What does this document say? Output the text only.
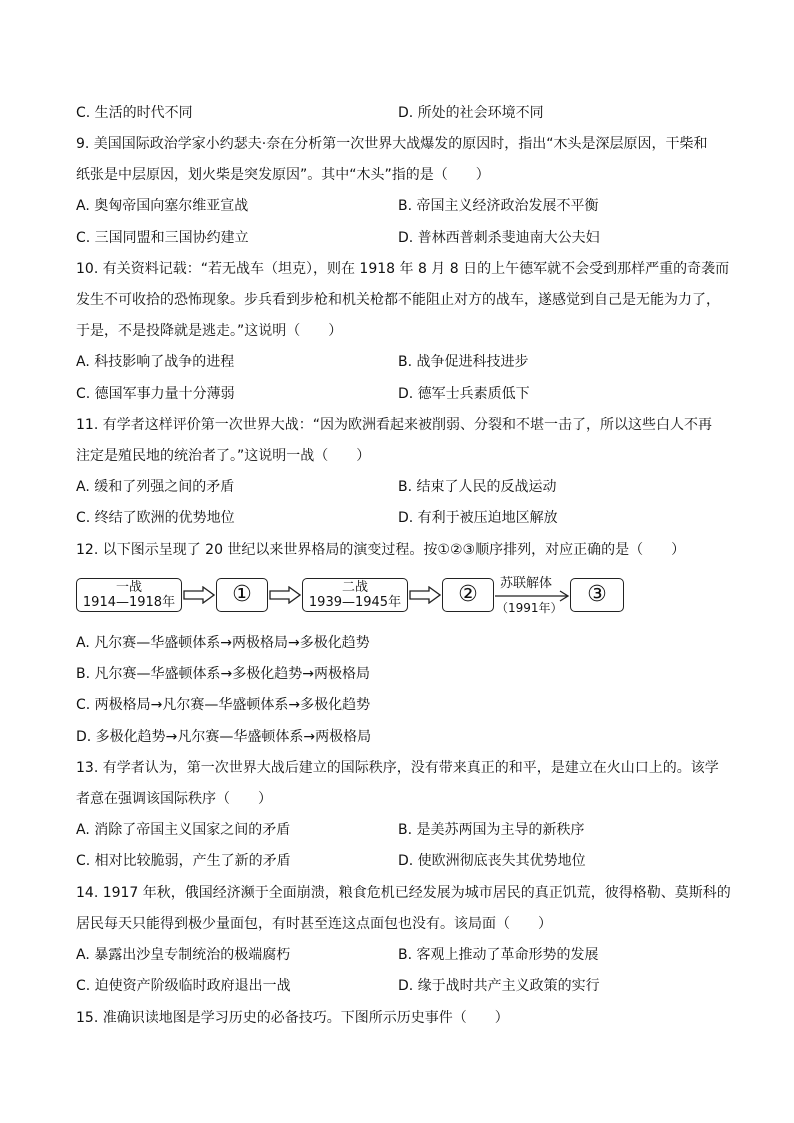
C. 生活的时代不同	D. 所处的社会环境不同
9. 美国国际政治学家小约瑟夫·奈在分析第一次世界大战爆发的原因时，指出“木头是深层原因，干柴和
纸张是中层原因，划火柴是突发原因”。其中“木头”指的是（　　）
A. 奥匈帝国向塞尔维亚宣战	B. 帝国主义经济政治发展不平衡
C. 三国同盟和三国协约建立	D. 普林西普刺杀斐迪南大公夫妇
10. 有关资料记载：“若无战车（坦克），则在 1918 年 8 月 8 日的上午德军就不会受到那样严重的奇袭而
发生不可收拾的恐怖现象。步兵看到步枪和机关枪都不能阻止对方的战车，遂感觉到自己是无能为力了，
于是，不是投降就是逃走。”这说明（　　）
A. 科技影响了战争的进程	B. 战争促进科技进步
C. 德国军事力量十分薄弱	D. 德军士兵素质低下
11. 有学者这样评价第一次世界大战：“因为欧洲看起来被削弱、分裂和不堪一击了，所以这些白人不再
注定是殖民地的统治者了。”这说明一战（　　）
A. 缓和了列强之间的矛盾	B. 结束了人民的反战运动
C. 终结了欧洲的优势地位	D. 有利于被压迫地区解放
12. 以下图示呈现了 20 世纪以来世界格局的演变过程。按①②③顺序排列，对应正确的是（　　）
一战
1914—1918年	①	二战
1939—1945年	②	苏联解体
（1991年）
③
A. 凡尔赛—华盛顿体系→两极格局→多极化趋势
B. 凡尔赛—华盛顿体系→多极化趋势→两极格局
C. 两极格局→凡尔赛—华盛顿体系→多极化趋势
D. 多极化趋势→凡尔赛—华盛顿体系→两极格局
13. 有学者认为，第一次世界大战后建立的国际秩序，没有带来真正的和平，是建立在火山口上的。该学
者意在强调该国际秩序（　　）
A. 消除了帝国主义国家之间的矛盾	B. 是美苏两国为主导的新秩序
C. 相对比较脆弱，产生了新的矛盾	D. 使欧洲彻底丧失其优势地位
14. 1917 年秋，俄国经济濒于全面崩溃，粮食危机已经发展为城市居民的真正饥荒，彼得格勒、莫斯科的
居民每天只能得到极少量面包，有时甚至连这点面包也没有。该局面（　　）
A. 暴露出沙皇专制统治的极端腐朽	B. 客观上推动了革命形势的发展
C. 迫使资产阶级临时政府退出一战	D. 缘于战时共产主义政策的实行
15. 准确识读地图是学习历史的必备技巧。下图所示历史事件（　　）
